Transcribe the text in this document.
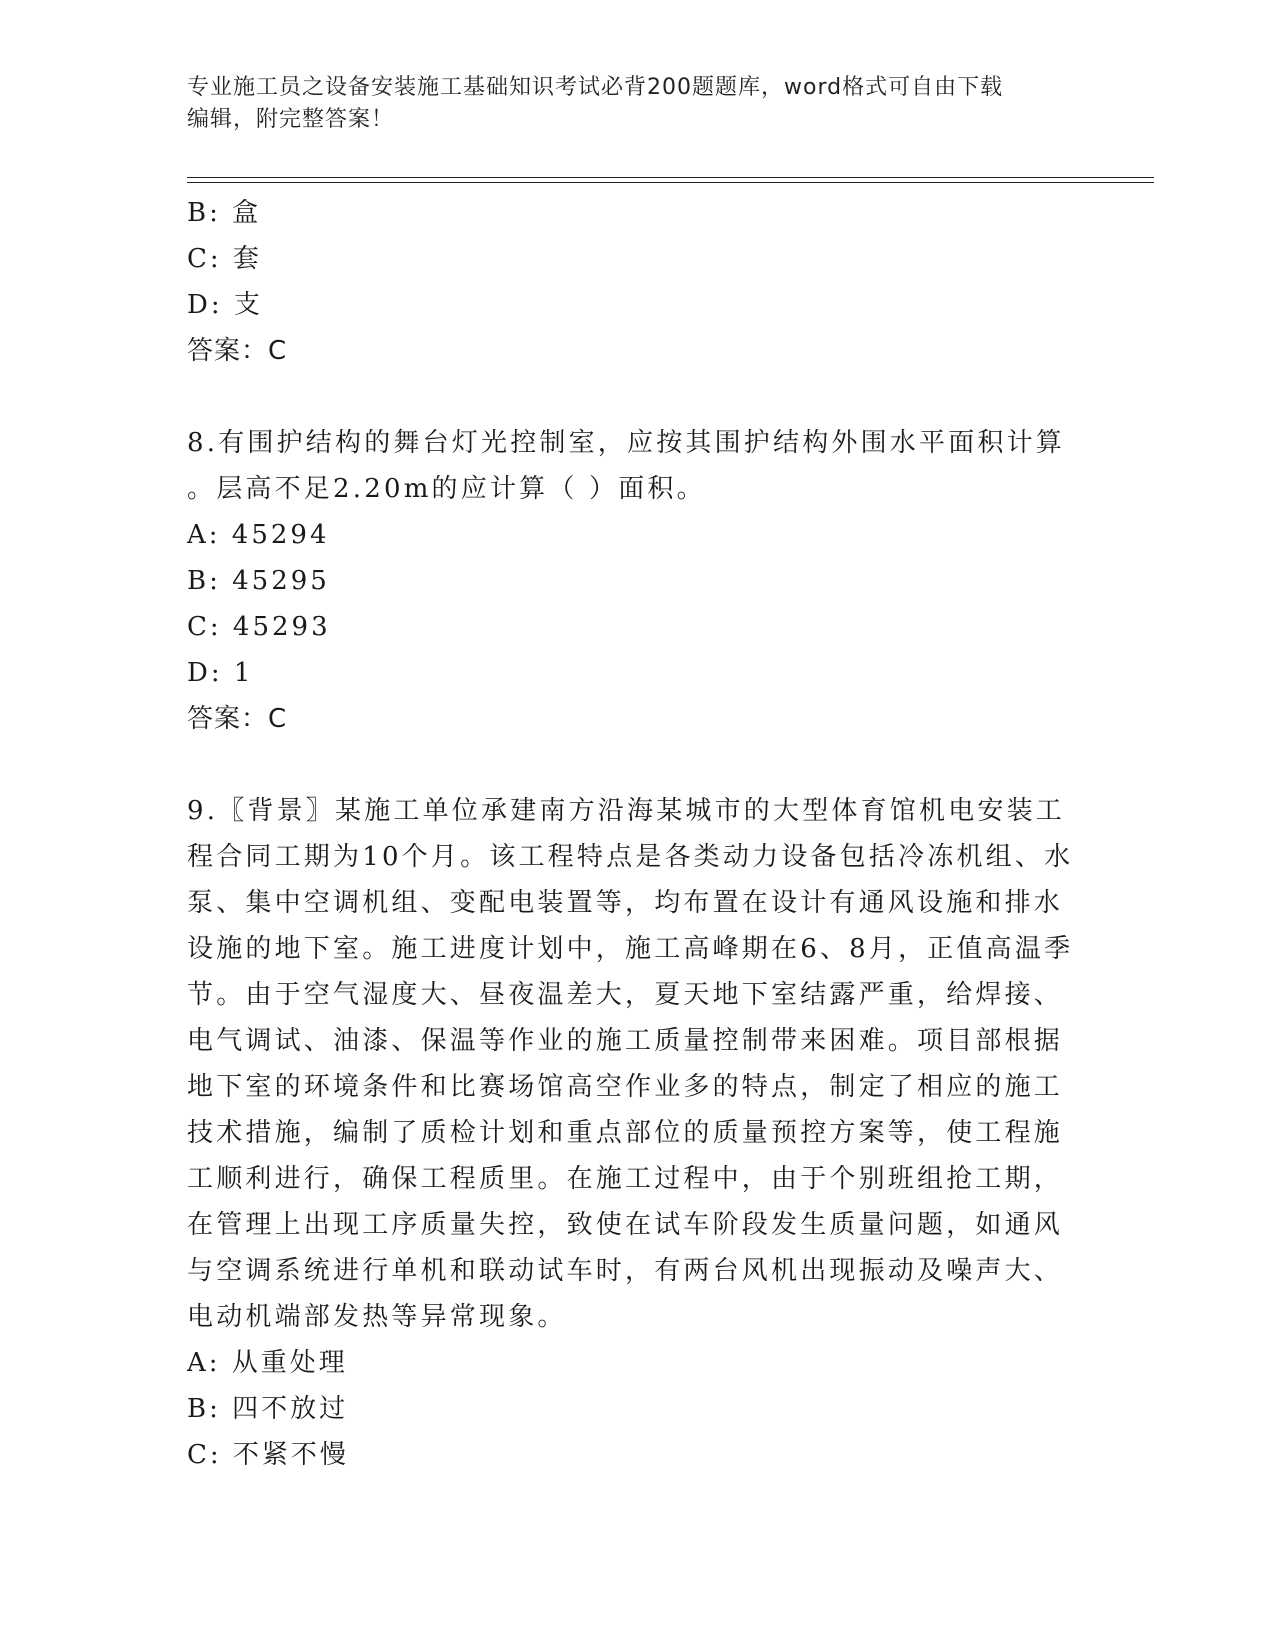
专业施工员之设备安装施工基础知识考试必背200题题库，word格式可自由下载
编辑，附完整答案！
B: 盒
C: 套
D: 支
答案：C
8.有围护结构的舞台灯光控制室，应按其围护结构外围水平面积计算
。层高不足2.20m的应计算（ ）面积。
A: 45294
B: 45295
C: 45293
D: 1
答案：C
9.〖背景〗某施工单位承建南方沿海某城市的大型体育馆机电安装工
程合同工期为10个月。该工程特点是各类动力设备包括冷冻机组、水
泵、集中空调机组、变配电装置等，均布置在设计有通风设施和排水
设施的地下室。施工进度计划中，施工高峰期在6、8月，正值高温季
节。由于空气湿度大、昼夜温差大，夏天地下室结露严重，给焊接、
电气调试、油漆、保温等作业的施工质量控制带来困难。项目部根据
地下室的环境条件和比赛场馆高空作业多的特点，制定了相应的施工
技术措施，编制了质检计划和重点部位的质量预控方案等，使工程施
工顺利进行，确保工程质里。在施工过程中，由于个别班组抢工期，
在管理上出现工序质量失控，致使在试车阶段发生质量问题，如通风
与空调系统进行单机和联动试车时，有两台风机出现振动及噪声大、
电动机端部发热等异常现象。
A: 从重处理
B: 四不放过
C: 不紧不慢
